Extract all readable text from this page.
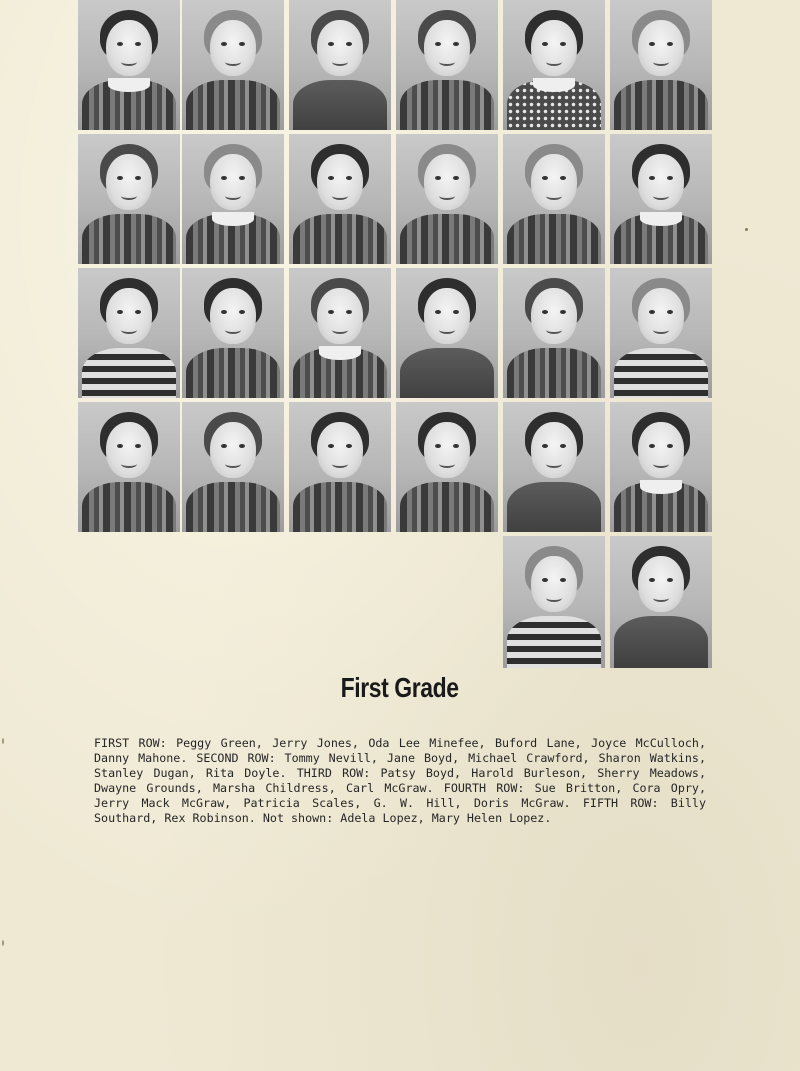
First Grade
FIRST ROW: Peggy Green, Jerry Jones, Oda Lee Minefee, Buford Lane, Joyce McCulloch, Danny Mahone. SECOND ROW: Tommy Nevill, Jane Boyd, Michael Crawford, Sharon Watkins, Stanley Dugan, Rita Doyle. THIRD ROW: Patsy Boyd, Harold Burleson, Sherry Meadows, Dwayne Grounds, Marsha Childress, Carl McGraw. FOURTH ROW: Sue Britton, Cora Opry, Jerry Mack McGraw, Patricia Scales, G. W. Hill, Doris McGraw. FIFTH ROW: Billy Southard, Rex Robinson. Not shown: Adela Lopez, Mary Helen Lopez.
